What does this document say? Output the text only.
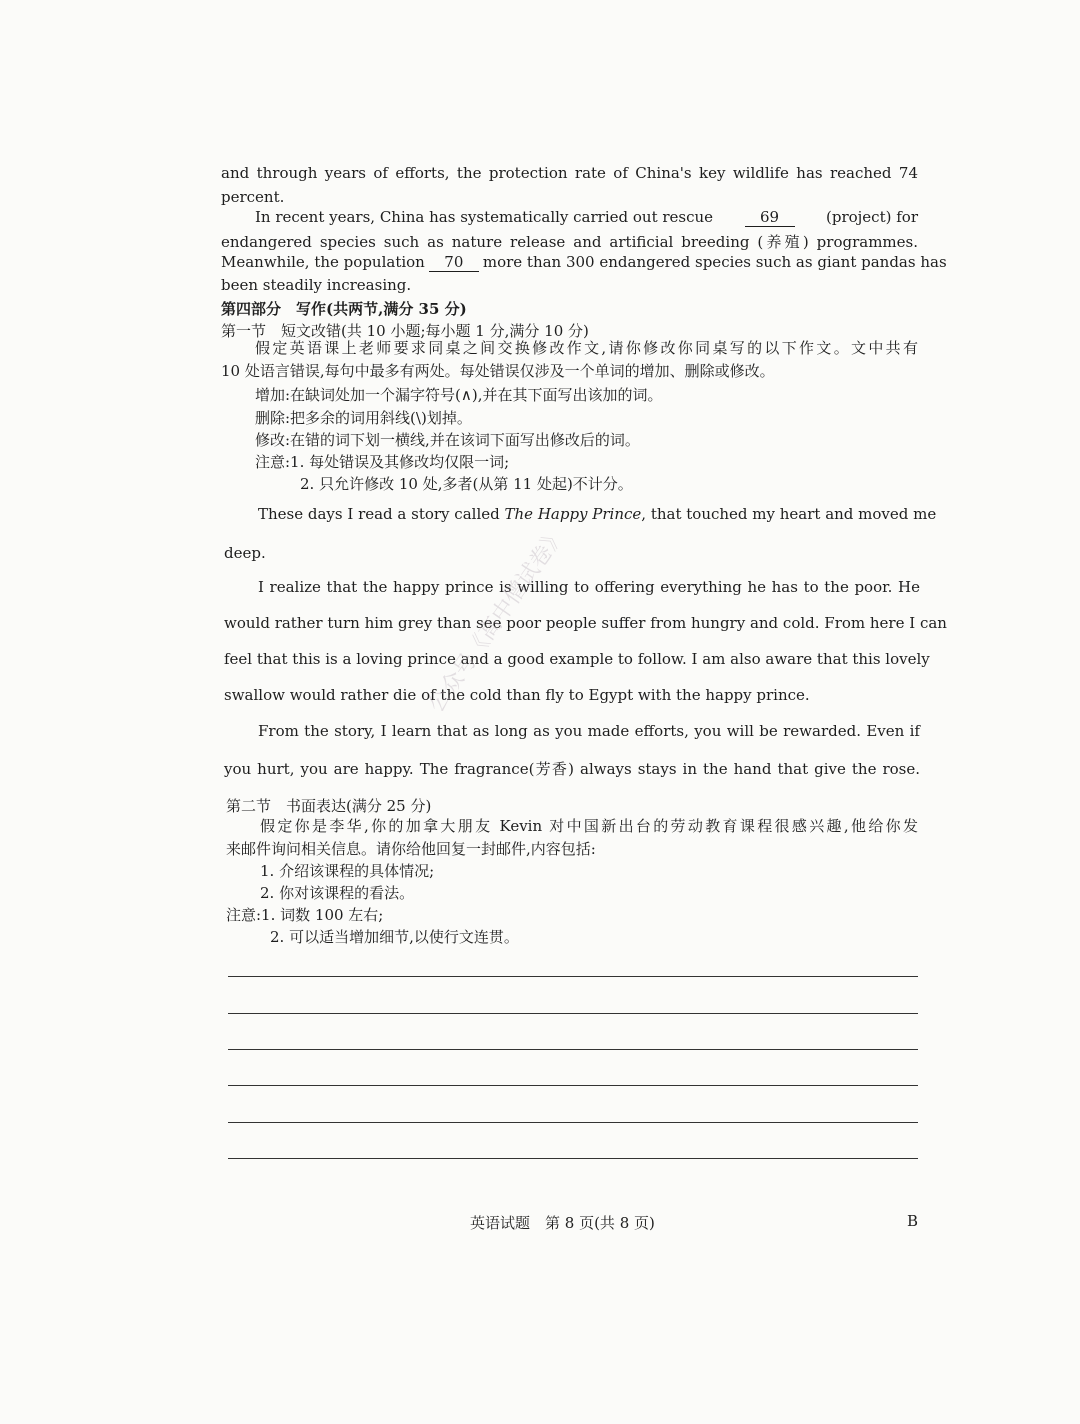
and through years of efforts, the protection rate of China's key wildlife has reached 74
percent.
In recent years, China has systematically carried out rescue	69	(project) for
endangered species such as nature release and artificial breeding (养殖) programmes.
Meanwhile, the population	70	more than 300 endangered species such as giant pandas has
been steadily increasing.
第四部分　写作(共两节,满分 35 分)
第一节　短文改错(共 10 小题;每小题 1 分,满分 10 分)
假定英语课上老师要求同桌之间交换修改作文,请你修改你同桌写的以下作文。文中共有
10 处语言错误,每句中最多有两处。每处错误仅涉及一个单词的增加、删除或修改。
增加:在缺词处加一个漏字符号(∧),并在其下面写出该加的词。
删除:把多余的词用斜线(\)划掉。
修改:在错的词下划一横线,并在该词下面写出修改后的词。
注意:1. 每处错误及其修改均仅限一词;
2. 只允许修改 10 处,多者(从第 11 处起)不计分。
These days I read a story called The Happy Prince, that touched my heart and moved me
deep.
I realize that the happy prince is willing to offering everything he has to the poor. He
would rather turn him grey than see poor people suffer from hungry and cold. From here I can
feel that this is a loving prince and a good example to follow. I am also aware that this lovely
swallow would rather die of the cold than fly to Egypt with the happy prince.
From the story, I learn that as long as you made efforts, you will be rewarded. Even if
you hurt, you are happy. The fragrance(芳香) always stays in the hand that give the rose.
第二节　书面表达(满分 25 分)
假定你是李华,你的加拿大朋友 Kevin 对中国新出台的劳动教育课程很感兴趣,他给你发
来邮件询问相关信息。请你给他回复一封邮件,内容包括:
1. 介绍该课程的具体情况;
2. 你对该课程的看法。
注意:1. 词数 100 左右;
2. 可以适当增加细节,以使行文连贯。
公众号《高中僧试卷》
英语试题　第 8 页(共 8 页)	B
